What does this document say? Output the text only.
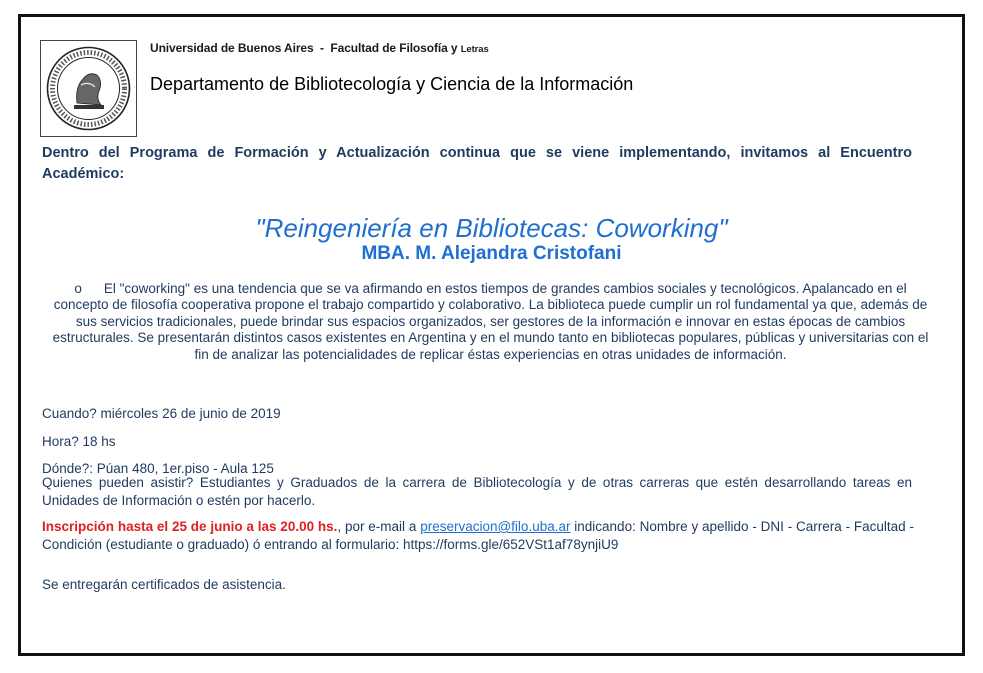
Universidad de Buenos Aires - Facultad de Filosofía y Letras
Departamento de Bibliotecología y Ciencia de la Información
Dentro del Programa de Formación y Actualización continua que se viene implementando, invitamos al Encuentro Académico:
"Reingeniería en Bibliotecas: Coworking"
MBA. M. Alejandra Cristofani
o El "coworking" es una tendencia que se va afirmando en estos tiempos de grandes cambios sociales y tecnológicos. Apalancado en el concepto de filosofía cooperativa propone el trabajo compartido y colaborativo. La biblioteca puede cumplir un rol fundamental ya que, además de sus servicios tradicionales, puede brindar sus espacios organizados, ser gestores de la información e innovar en estas épocas de cambios estructurales. Se presentarán distintos casos existentes en Argentina y en el mundo tanto en bibliotecas populares, públicas y universitarias con el fin de analizar las potencialidades de replicar éstas experiencias en otras unidades de información.
Cuando? miércoles 26 de junio de 2019
Hora? 18 hs
Dónde?: Púan 480, 1er.piso - Aula 125
Quienes pueden asistir? Estudiantes y Graduados de la carrera de Bibliotecología y de otras carreras que estén desarrollando tareas en Unidades de Información o estén por hacerlo.
Inscripción hasta el 25 de junio a las 20.00 hs., por e-mail a preservacion@filo.uba.ar indicando: Nombre y apellido - DNI - Carrera - Facultad - Condición (estudiante o graduado) ó entrando al formulario: https://forms.gle/652VSt1af78ynjiU9
Se entregarán certificados de asistencia.
